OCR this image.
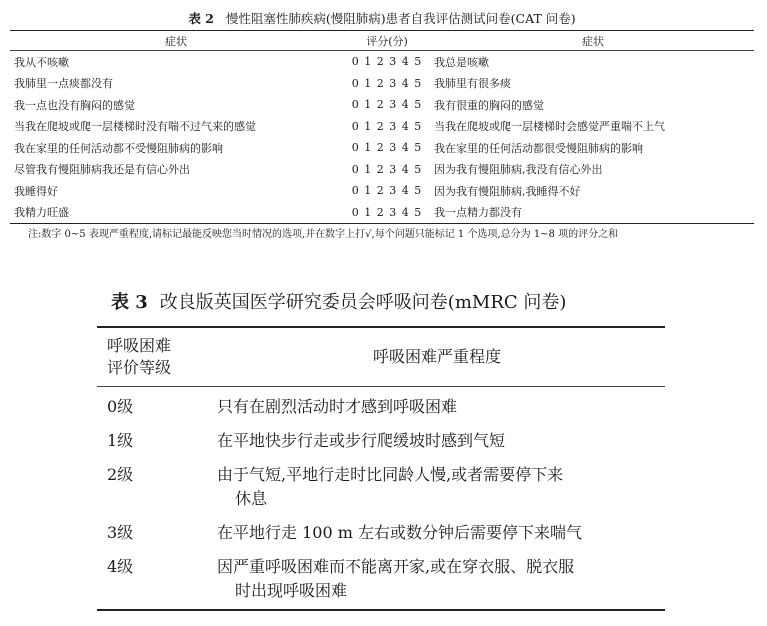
表 2 慢性阻塞性肺疾病(慢阻肺病)患者自我评估测试问卷(CAT 问卷)
症状	评分(分)	症状
我从不咳嗽	0 1 2 3 4 5	我总是咳嗽
我肺里一点痰都没有	0 1 2 3 4 5	我肺里有很多痰
我一点也没有胸闷的感觉	0 1 2 3 4 5	我有很重的胸闷的感觉
当我在爬坡或爬一层楼梯时没有喘不过气来的感觉	0 1 2 3 4 5	当我在爬坡或爬一层楼梯时会感觉严重喘不上气
我在家里的任何活动都不受慢阻肺病的影响	0 1 2 3 4 5	我在家里的任何活动都很受慢阻肺病的影响
尽管我有慢阻肺病我还是有信心外出	0 1 2 3 4 5	因为我有慢阻肺病,我没有信心外出
我睡得好	0 1 2 3 4 5	因为我有慢阻肺病,我睡得不好
我精力旺盛	0 1 2 3 4 5	我一点精力都没有
注:数字 0~5 表现严重程度,请标记最能反映您当时情况的选项,并在数字上打√,每个问题只能标记 1 个选项,总分为 1~8 项的评分之和
表 3 改良版英国医学研究委员会呼吸问卷(mMRC 问卷)
呼吸困难
评价等级	呼吸困难严重程度
0级	只有在剧烈活动时才感到呼吸困难
1级	在平地快步行走或步行爬缓坡时感到气短
2级	由于气短,平地行走时比同龄人慢,或者需要停下来
休息

3级	在平地行走 100 m 左右或数分钟后需要停下来喘气
4级	因严重呼吸困难而不能离开家,或在穿衣服、脱衣服
时出现呼吸困难
